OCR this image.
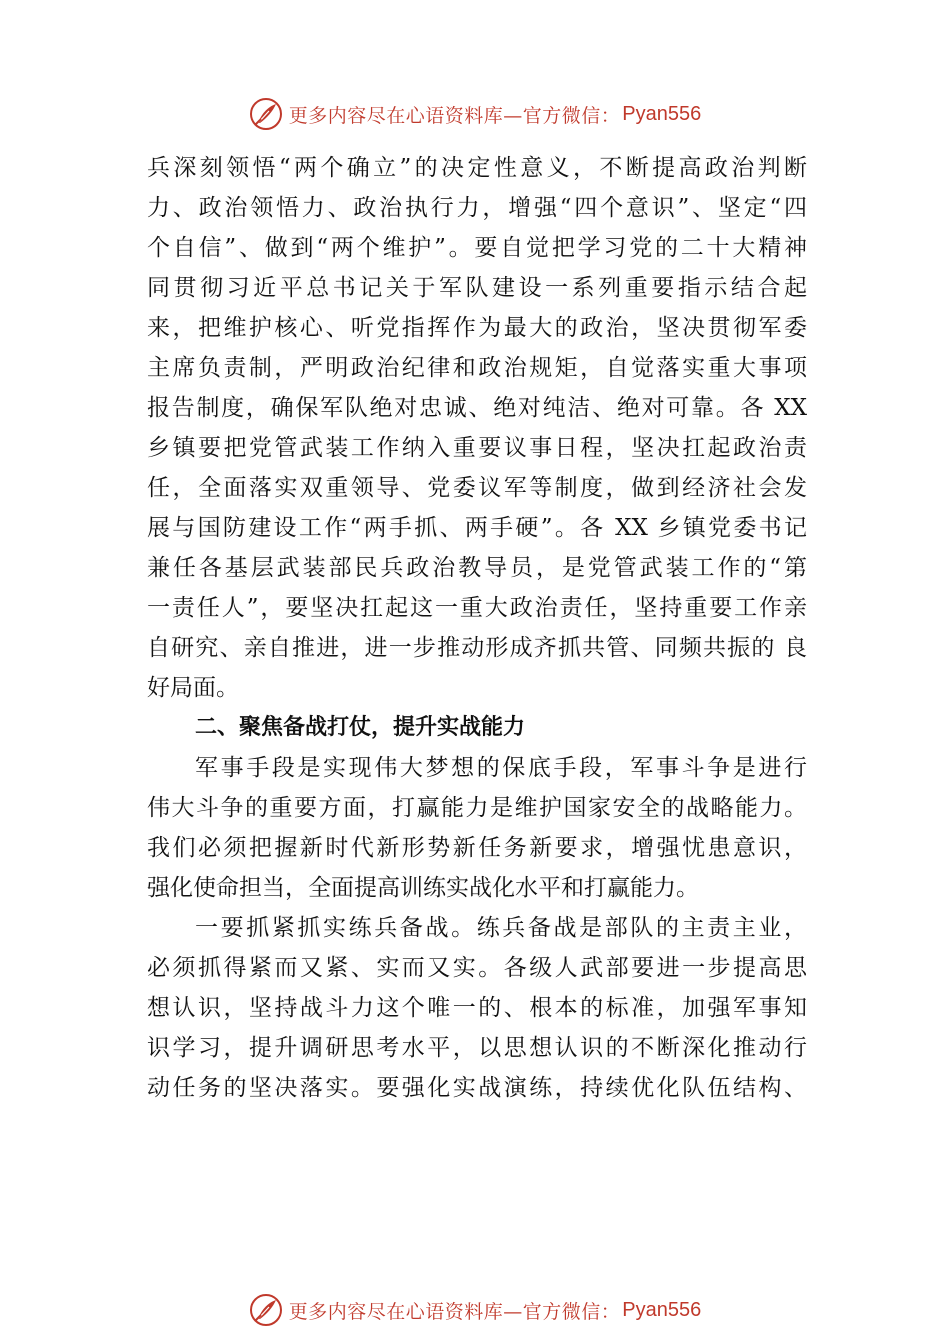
更多内容尽在心语资料库—官方微信： Pyan556
兵深刻领悟“两个确立”的决定性意义，不断提高政治判断
力、政治领悟力、政治执行力，增强“四个意识”、坚定“四
个自信”、做到“两个维护”。要自觉把学习党的二十大精神
同贯彻习近平总书记关于军队建设一系列重要指示结合起
来，把维护核心、听党指挥作为最大的政治，坚决贯彻军委
主席负责制，严明政治纪律和政治规矩，自觉落实重大事项
报告制度，确保军队绝对忠诚、绝对纯洁、绝对可靠。各 XX
乡镇要把党管武装工作纳入重要议事日程，坚决扛起政治责
任，全面落实双重领导、党委议军等制度，做到经济社会发
展与国防建设工作“两手抓、两手硬”。各 XX 乡镇党委书记
兼任各基层武装部民兵政治教导员，是党管武装工作的“第
一责任人”，要坚决扛起这一重大政治责任，坚持重要工作亲
自研究、亲自推进，进一步推动形成齐抓共管、同频共振的 良
好局面。
二、聚焦备战打仗，提升实战能力
军事手段是实现伟大梦想的保底手段，军事斗争是进行
伟大斗争的重要方面，打赢能力是维护国家安全的战略能力。
我们必须把握新时代新形势新任务新要求，增强忧患意识，
强化使命担当，全面提高训练实战化水平和打赢能力。
一要抓紧抓实练兵备战。练兵备战是部队的主责主业，
必须抓得紧而又紧、实而又实。各级人武部要进一步提高思
想认识，坚持战斗力这个唯一的、根本的标准，加强军事知
识学习，提升调研思考水平，以思想认识的不断深化推动行
动任务的坚决落实。要强化实战演练，持续优化队伍结构、
更多内容尽在心语资料库—官方微信： Pyan556
